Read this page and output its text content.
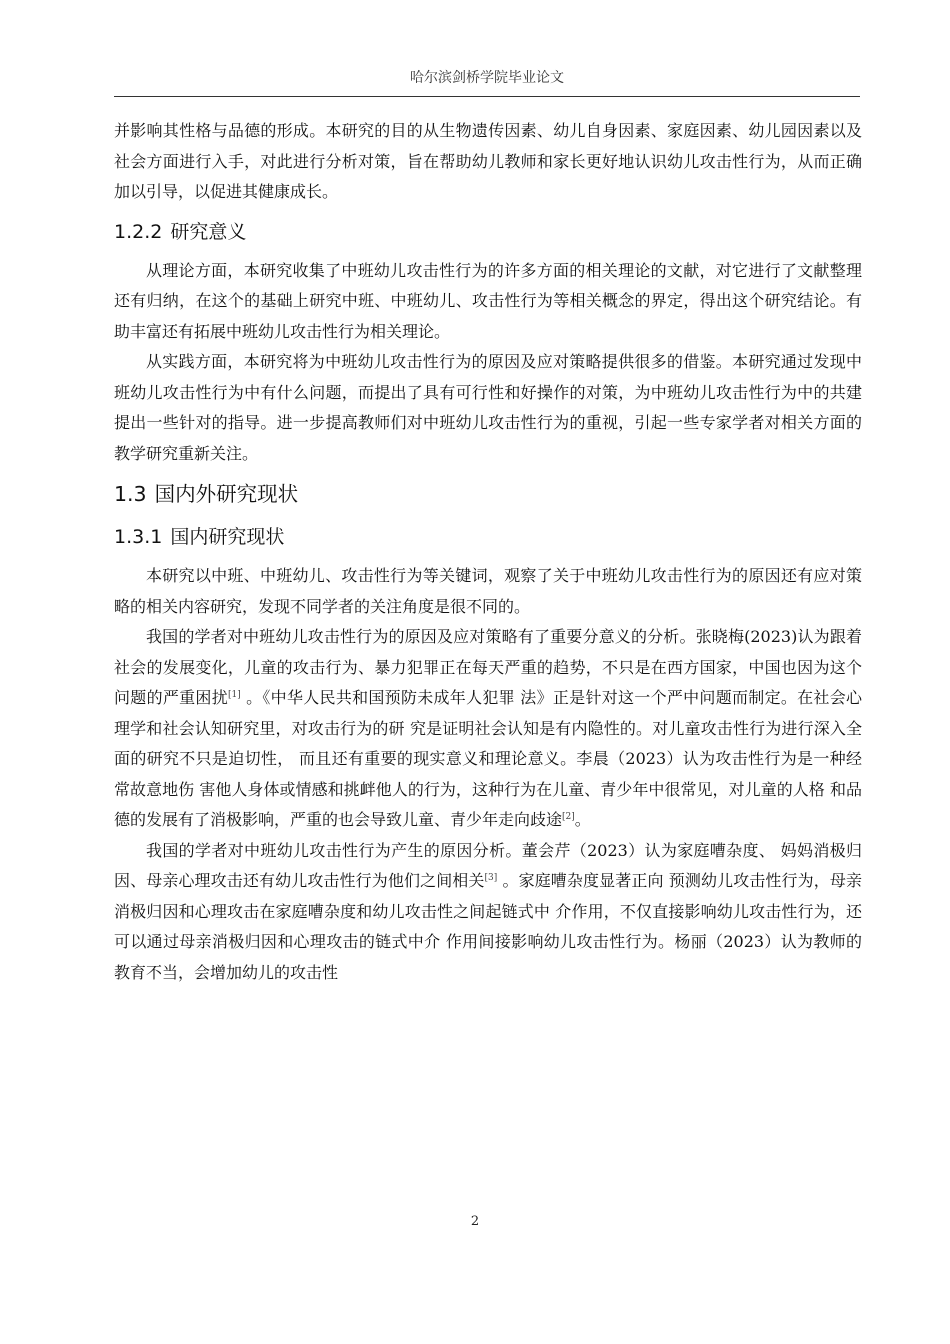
哈尔滨剑桥学院毕业论文

并影响其性格与品德的形成。本研究的目的从生物遗传因素、幼儿自身因素、家庭因素、幼儿园因素以及社会方面进行入手，对此进行分析对策，旨在帮助幼儿教师和家长更好地认识幼儿攻击性行为，从而正确加以引导，以促进其健康成长。

1.2.2 研究意义

从理论方面，本研究收集了中班幼儿攻击性行为的许多方面的相关理论的文献，对它进行了文献整理还有归纳，在这个的基础上研究中班、中班幼儿、攻击性行为等相关概念的界定，得出这个研究结论。有助丰富还有拓展中班幼儿攻击性行为相关理论。

从实践方面，本研究将为中班幼儿攻击性行为的原因及应对策略提供很多的借鉴。本研究通过发现中班幼儿攻击性行为中有什么问题，而提出了具有可行性和好操作的对策，为中班幼儿攻击性行为中的共建提出一些针对的指导。进一步提高教师们对中班幼儿攻击性行为的重视，引起一些专家学者对相关方面的教学研究重新关注。

1.3 国内外研究现状
1.3.1 国内研究现状

本研究以中班、中班幼儿、攻击性行为等关键词，观察了关于中班幼儿攻击性行为的原因还有应对策略的相关内容研究，发现不同学者的关注角度是很不同的。

我国的学者对中班幼儿攻击性行为的原因及应对策略有了重要分意义的分析。张晓梅(2023)认为跟着社会的发展变化，儿童的攻击行为、暴力犯罪正在每天严重的趋势，不只是在西方国家，中国也因为这个问题的严重困扰[1] 。《中华人民共和国预防未成年人犯罪 法》正是针对这一个严中问题而制定。在社会心理学和社会认知研究里，对攻击行为的研 究是证明社会认知是有内隐性的。对儿童攻击性行为进行深入全面的研究不只是迫切性， 而且还有重要的现实意义和理论意义。李晨（2023）认为攻击性行为是一种经常故意地伤 害他人身体或情感和挑衅他人的行为，这种行为在儿童、青少年中很常见，对儿童的人格 和品德的发展有了消极影响，严重的也会导致儿童、青少年走向歧途[2]。

我国的学者对中班幼儿攻击性行为产生的原因分析。董会芹（2023）认为家庭嘈杂度、 妈妈消极归因、母亲心理攻击还有幼儿攻击性行为他们之间相关[3] 。家庭嘈杂度显著正向 预测幼儿攻击性行为，母亲消极归因和心理攻击在家庭嘈杂度和幼儿攻击性之间起链式中 介作用，不仅直接影响幼儿攻击性行为，还可以通过母亲消极归因和心理攻击的链式中介 作用间接影响幼儿攻击性行为。杨丽（2023）认为教师的教育不当，会增加幼儿的攻击性

2
